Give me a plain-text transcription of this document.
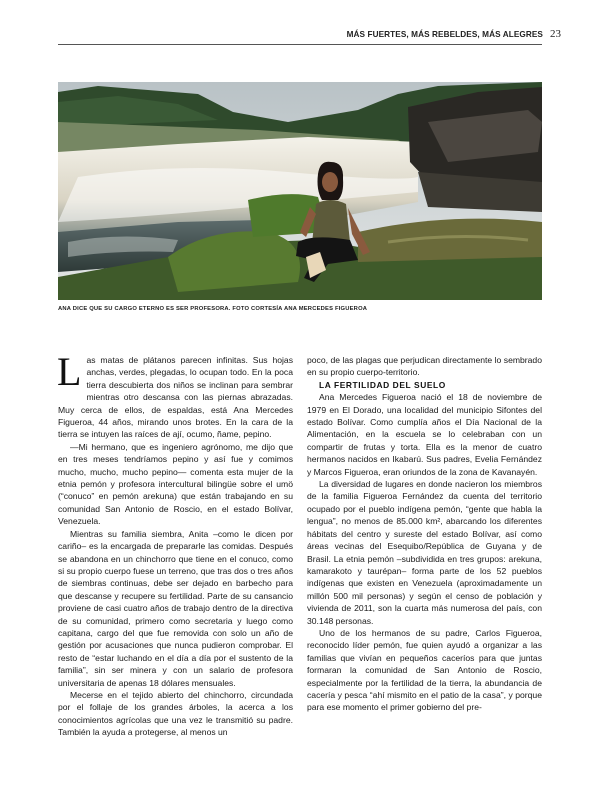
MÁS FUERTES, MÁS REBELDES, MÁS ALEGRES 23
ANA DICE QUE SU CARGO ETERNO ES SER PROFESORA. FOTO CORTESÍA ANA MERCEDES FIGUEROA

Las matas de plátanos parecen infinitas. Sus hojas anchas, verdes, plegadas, lo ocupan todo. En la poca tierra descubierta dos niños se inclinan para sembrar mientras otro descansa con las piernas abrazadas. Muy cerca de ellos, de espaldas, está Ana Mercedes Figueroa, 44 años, mirando unos brotes. En la cara de la tierra se intuyen las raíces de ají, ocumo, ñame, pepino.

—Mi hermano, que es ingeniero agrónomo, me dijo que en tres meses tendríamos pepino y así fue y comimos mucho, mucho, mucho pepino— comenta esta mujer de la etnia pemón y profesora intercultural bilingüe sobre el umö (“conuco” en pemón arekuna) que están trabajando en su comunidad San Antonio de Roscio, en el estado Bolívar, Venezuela.

Mientras su familia siembra, Anita –como le dicen por cariño– es la encargada de prepararle las comidas. Después se abandona en un chinchorro que tiene en el conuco, como si su propio cuerpo fuese un terreno, que tras dos o tres años de siembras continuas, debe ser dejado en barbecho para que descanse y recupere su fertilidad. Parte de su cansancio proviene de casi cuatro años de trabajo dentro de la directiva de su comunidad, primero como secretaria y luego como capitana, cargo del que fue removida con solo un año de gestión por acusaciones que nunca pudieron comprobar. El resto de “estar luchando en el día a día por el sustento de la familia”, sin ser minera y con un salario de profesora universitaria de apenas 18 dólares mensuales.

Mecerse en el tejido abierto del chinchorro, circundada por el follaje de los grandes árboles, la acerca a los conocimientos agrícolas que una vez le transmitió su padre. También la ayuda a protegerse, al menos un

poco, de las plagas que perjudican directamente lo sembrado en su propio cuerpo-territorio.

LA FERTILIDAD DEL SUELO

Ana Mercedes Figueroa nació el 18 de noviembre de 1979 en El Dorado, una localidad del municipio Sifontes del estado Bolívar. Como cumplía años el Día Nacional de la Alimentación, en la escuela se lo celebraban con un compartir de frutas y torta. Ella es la menor de cuatro hermanos nacidos en Ikabarú. Sus padres, Evelia Fernández y Marcos Figueroa, eran oriundos de la zona de Kavanayén.

La diversidad de lugares en donde nacieron los miembros de la familia Figueroa Fernández da cuenta del territorio ocupado por el pueblo indígena pemón, “gente que habla la lengua”, no menos de 85.000 km², abarcando los diferentes hábitats del centro y sureste del estado Bolívar, así como áreas vecinas del Esequibo/República de Guyana y de Brasil. La etnia pemón –subdividida en tres grupos: arekuna, kamarakoto y taurépan– forma parte de los 52 pueblos indígenas que existen en Venezuela (aproximadamente un millón 500 mil personas) y según el censo de población y vivienda de 2011, son la cuarta más numerosa del país, con 30.148 personas.

Uno de los hermanos de su padre, Carlos Figueroa, reconocido líder pemón, fue quien ayudó a organizar a las familias que vivían en pequeños caceríos para que juntas formaran la comunidad de San Antonio de Roscio, especialmente por la fertilidad de la tierra, la abundancia de cacería y pesca “ahí mismito en el patio de la casa”, y porque para ese momento el primer gobierno del pre-
